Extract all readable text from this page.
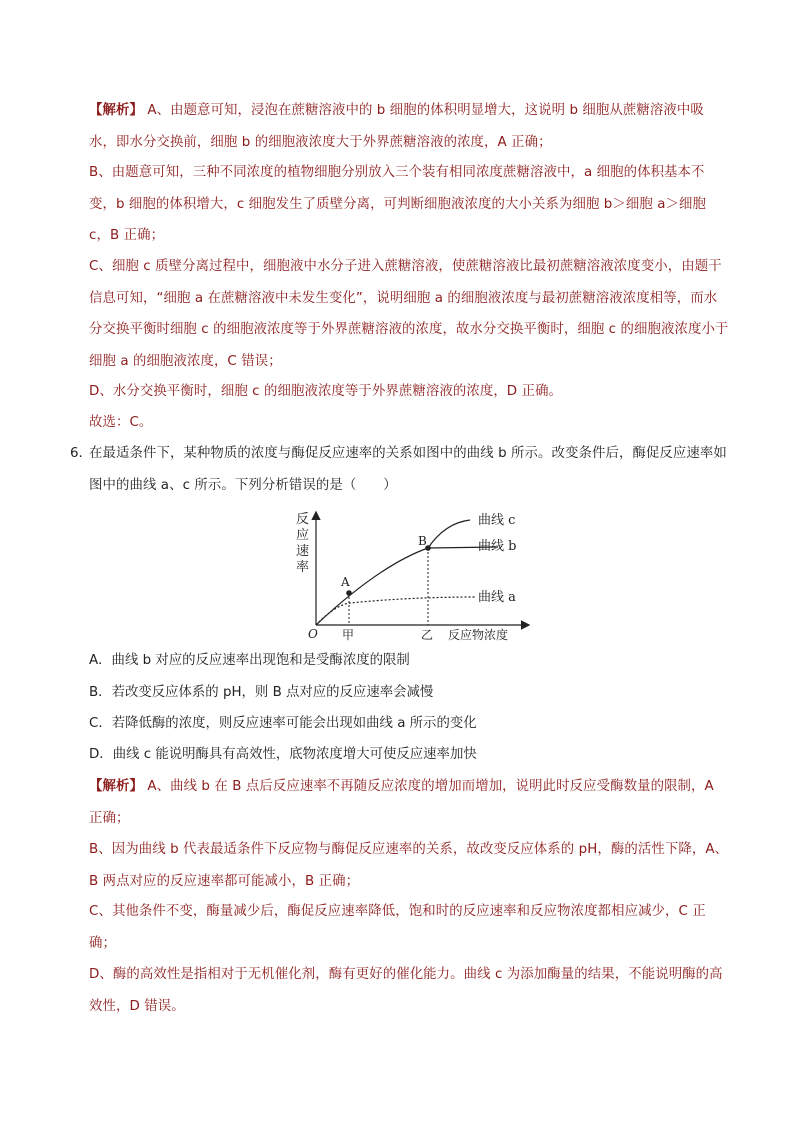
【解析】 A、由题意可知，浸泡在蔗糖溶液中的 b 细胞的体积明显增大，这说明 b 细胞从蔗糖溶液中吸水，即水分交换前，细胞 b 的细胞液浓度大于外界蔗糖溶液的浓度，A 正确；

B、由题意可知，三种不同浓度的植物细胞分别放入三个装有相同浓度蔗糖溶液中，a 细胞的体积基本不变，b 细胞的体积增大，c 细胞发生了质壁分离，可判断细胞液浓度的大小关系为细胞 b＞细胞 a＞细胞 c，B 正确；

C、细胞 c 质壁分离过程中，细胞液中水分子进入蔗糖溶液，使蔗糖溶液比最初蔗糖溶液浓度变小，由题干信息可知，“细胞 a 在蔗糖溶液中未发生变化”，说明细胞 a 的细胞液浓度与最初蔗糖溶液浓度相等，而水分交换平衡时细胞 c 的细胞液浓度等于外界蔗糖溶液的浓度，故水分交换平衡时，细胞 c 的细胞液浓度小于细胞 a 的细胞液浓度，C 错误；

D、水分交换平衡时，细胞 c 的细胞液浓度等于外界蔗糖溶液的浓度，D 正确。

故选：C。

6. 在最适条件下，某种物质的浓度与酶促反应速率的关系如图中的曲线 b 所示。改变条件后，酶促反应速率如图中的曲线 a、c 所示。下列分析错误的是（　　）

反
应
速
率
O 甲	乙 反应物浓度
A
B
曲线 c
曲线 b
曲线 a
A．曲线 b 对应的反应速率出现饱和是受酶浓度的限制
B．若改变反应体系的 pH，则 B 点对应的反应速率会减慢
C．若降低酶的浓度，则反应速率可能会出现如曲线 a 所示的变化
D．曲线 c 能说明酶具有高效性，底物浓度增大可使反应速率加快

【解析】 A、曲线 b 在 B 点后反应速率不再随反应浓度的增加而增加，说明此时反应受酶数量的限制，A 正确；

B、因为曲线 b 代表最适条件下反应物与酶促反应速率的关系，故改变反应体系的 pH，酶的活性下降，A、B 两点对应的反应速率都可能减小，B 正确；

C、其他条件不变，酶量减少后，酶促反应速率降低，饱和时的反应速率和反应物浓度都相应减少，C 正确；

D、酶的高效性是指相对于无机催化剂，酶有更好的催化能力。曲线 c 为添加酶量的结果，不能说明酶的高效性，D 错误。
